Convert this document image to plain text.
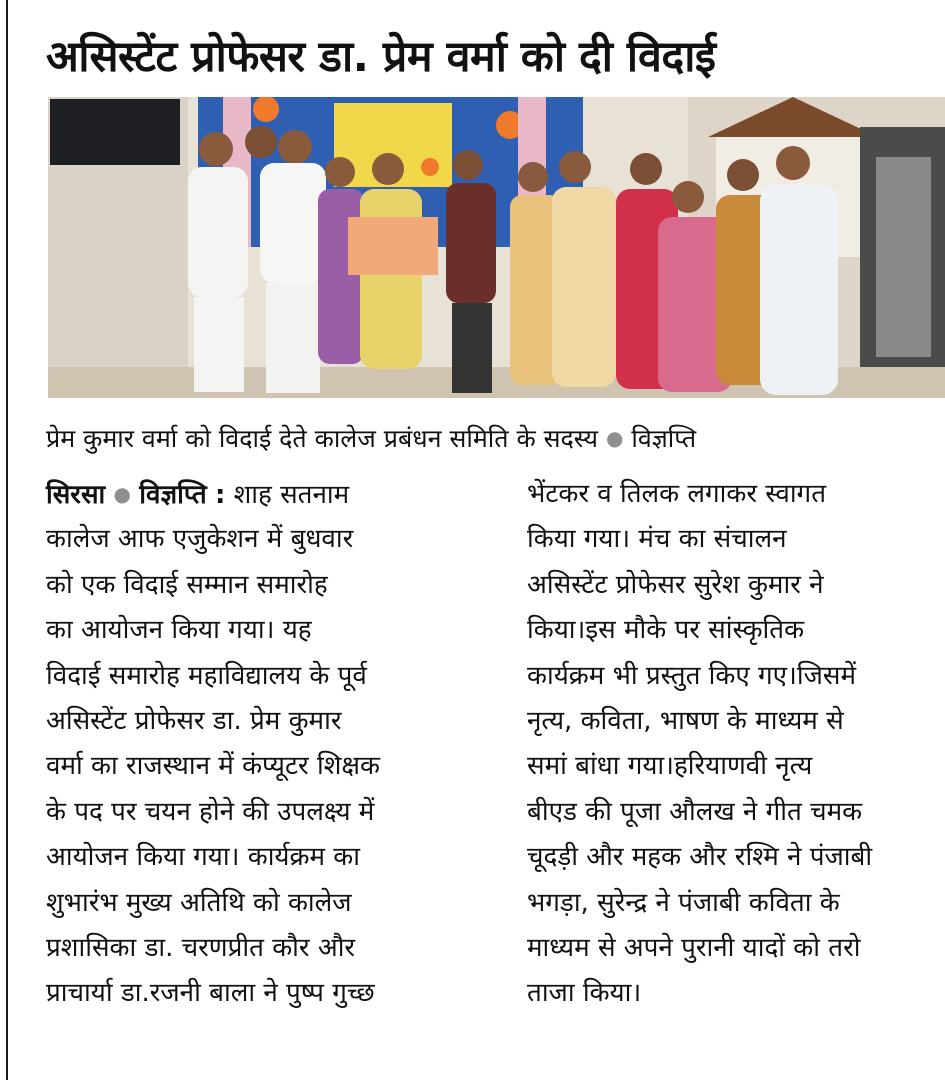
असिस्टेंट प्रोफेसर डा. प्रेम वर्मा को दी विदाई

प्रेम कुमार वर्मा को विदाई देते कालेज प्रबंधन समिति के सदस्य ● विज्ञप्ति

सिरसा ● विज्ञप्ति : शाह सतनाम
कालेज आफ एजुकेशन में बुधवार
को एक विदाई सम्मान समारोह
का आयोजन किया गया। यह
विदाई समारोह महाविद्यालय के पूर्व
असिस्टेंट प्रोफेसर डा. प्रेम कुमार
वर्मा का राजस्थान में कंप्यूटर शिक्षक
के पद पर चयन होने की उपलक्ष्य में
आयोजन किया गया। कार्यक्रम का
शुभारंभ मुख्य अतिथि को कालेज
प्रशासिका डा. चरणप्रीत कौर और
प्राचार्या डा.रजनी बाला ने पुष्प गुच्छ
भेंटकर व तिलक लगाकर स्वागत
किया गया। मंच का संचालन
असिस्टेंट प्रोफेसर सुरेश कुमार ने
किया।इस मौके पर सांस्कृतिक
कार्यक्रम भी प्रस्तुत किए गए।जिसमें
नृत्य, कविता, भाषण के माध्यम से
समां बांधा गया।हरियाणवी नृत्य
बीएड की पूजा औलख ने गीत चमक
चूदड़ी और महक और रश्मि ने पंजाबी
भगड़ा, सुरेन्द्र ने पंजाबी कविता के
माध्यम से अपने पुरानी यादों को तरो
ताजा किया।
